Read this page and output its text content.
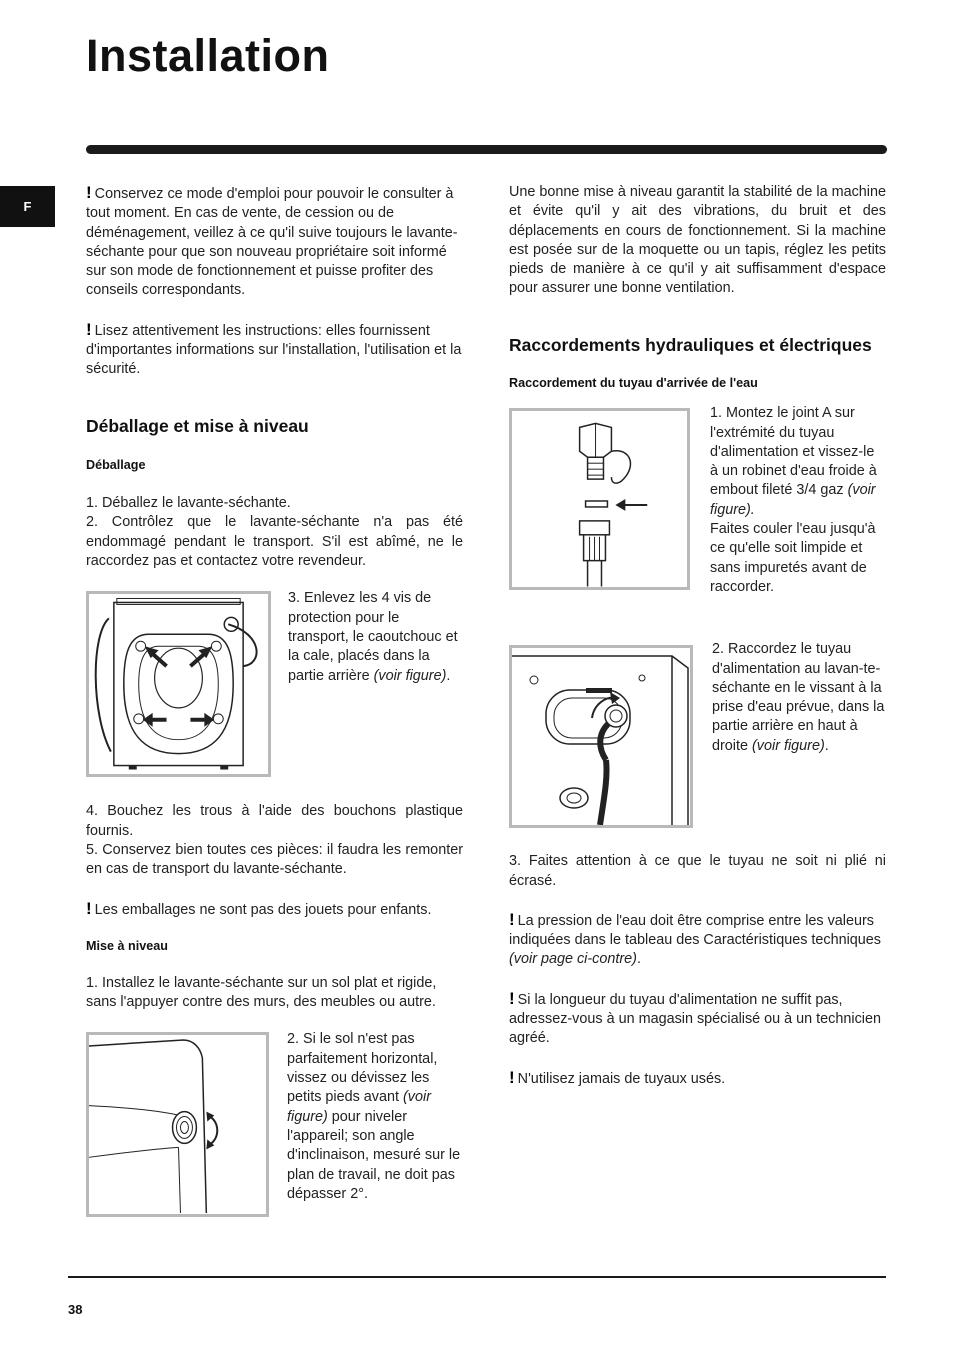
Installation
F

! Conservez ce mode d'emploi pour pouvoir le consulter à tout moment. En cas de vente, de cession ou de déménagement, veillez à ce qu'il suive toujours le lavante-séchante pour que son nouveau propriétaire soit informé sur son mode de fonctionnement et puisse profiter des conseils correspondants.

! Lisez attentivement les instructions: elles fournissent d'importantes informations sur l'installation, l'utilisation et la sécurité.

Déballage et mise à niveau
Déballage

1. Déballez le lavante-séchante.

2. Contrôlez que le lavante-séchante n'a pas été endommagé pendant le transport. S'il est abîmé, ne le raccordez pas et contactez votre revendeur.

3. Enlevez les 4 vis de protection pour le transport, le caoutchouc et la cale, placés dans la partie arrière (voir figure).

4. Bouchez les trous à l'aide des bouchons plastique fournis.

5. Conservez bien toutes ces pièces: il faudra les remonter en cas de transport du lavante-séchante.

! Les emballages ne sont pas des jouets pour enfants.

Mise à niveau

1. Installez le lavante-séchante sur un sol plat et rigide, sans l'appuyer contre des murs, des meubles ou autre.

2. Si le sol n'est pas parfaitement horizontal, vissez ou dévissez les petits pieds avant (voir figure) pour niveler l'appareil; son angle d'inclinaison, mesuré sur le plan de travail, ne doit pas dépasser 2°.

Une bonne mise à niveau garantit la stabilité de la machine et évite qu'il y ait des vibrations, du bruit et des déplacements en cours de fonctionnement. Si la machine est posée sur de la moquette ou un tapis, réglez les petits pieds de manière à ce qu'il y ait suffisamment d'espace pour assurer une bonne ventilation.

Raccordements hydrauliques et électriques
Raccordement du tuyau d'arrivée de l'eau

1. Montez le joint A sur l'extrémité du tuyau d'alimentation et vissez-le à un robinet d'eau froide à embout fileté 3/4 gaz (voir figure).
Faites couler l'eau jusqu'à ce qu'elle soit limpide et sans impuretés avant de raccorder.

2. Raccordez le tuyau d'alimentation au lavan-te-séchante en le vissant à la prise d'eau prévue, dans la partie arrière en haut à droite (voir figure).

3. Faites attention à ce que le tuyau ne soit ni plié ni écrasé.

! La pression de l'eau doit être comprise entre les valeurs indiquées dans le tableau des Caractéristiques techniques (voir page ci-contre).

! Si la longueur du tuyau d'alimentation ne suffit pas, adressez-vous à un magasin spécialisé ou à un technicien agréé.

! N'utilisez jamais de tuyaux usés.

38
